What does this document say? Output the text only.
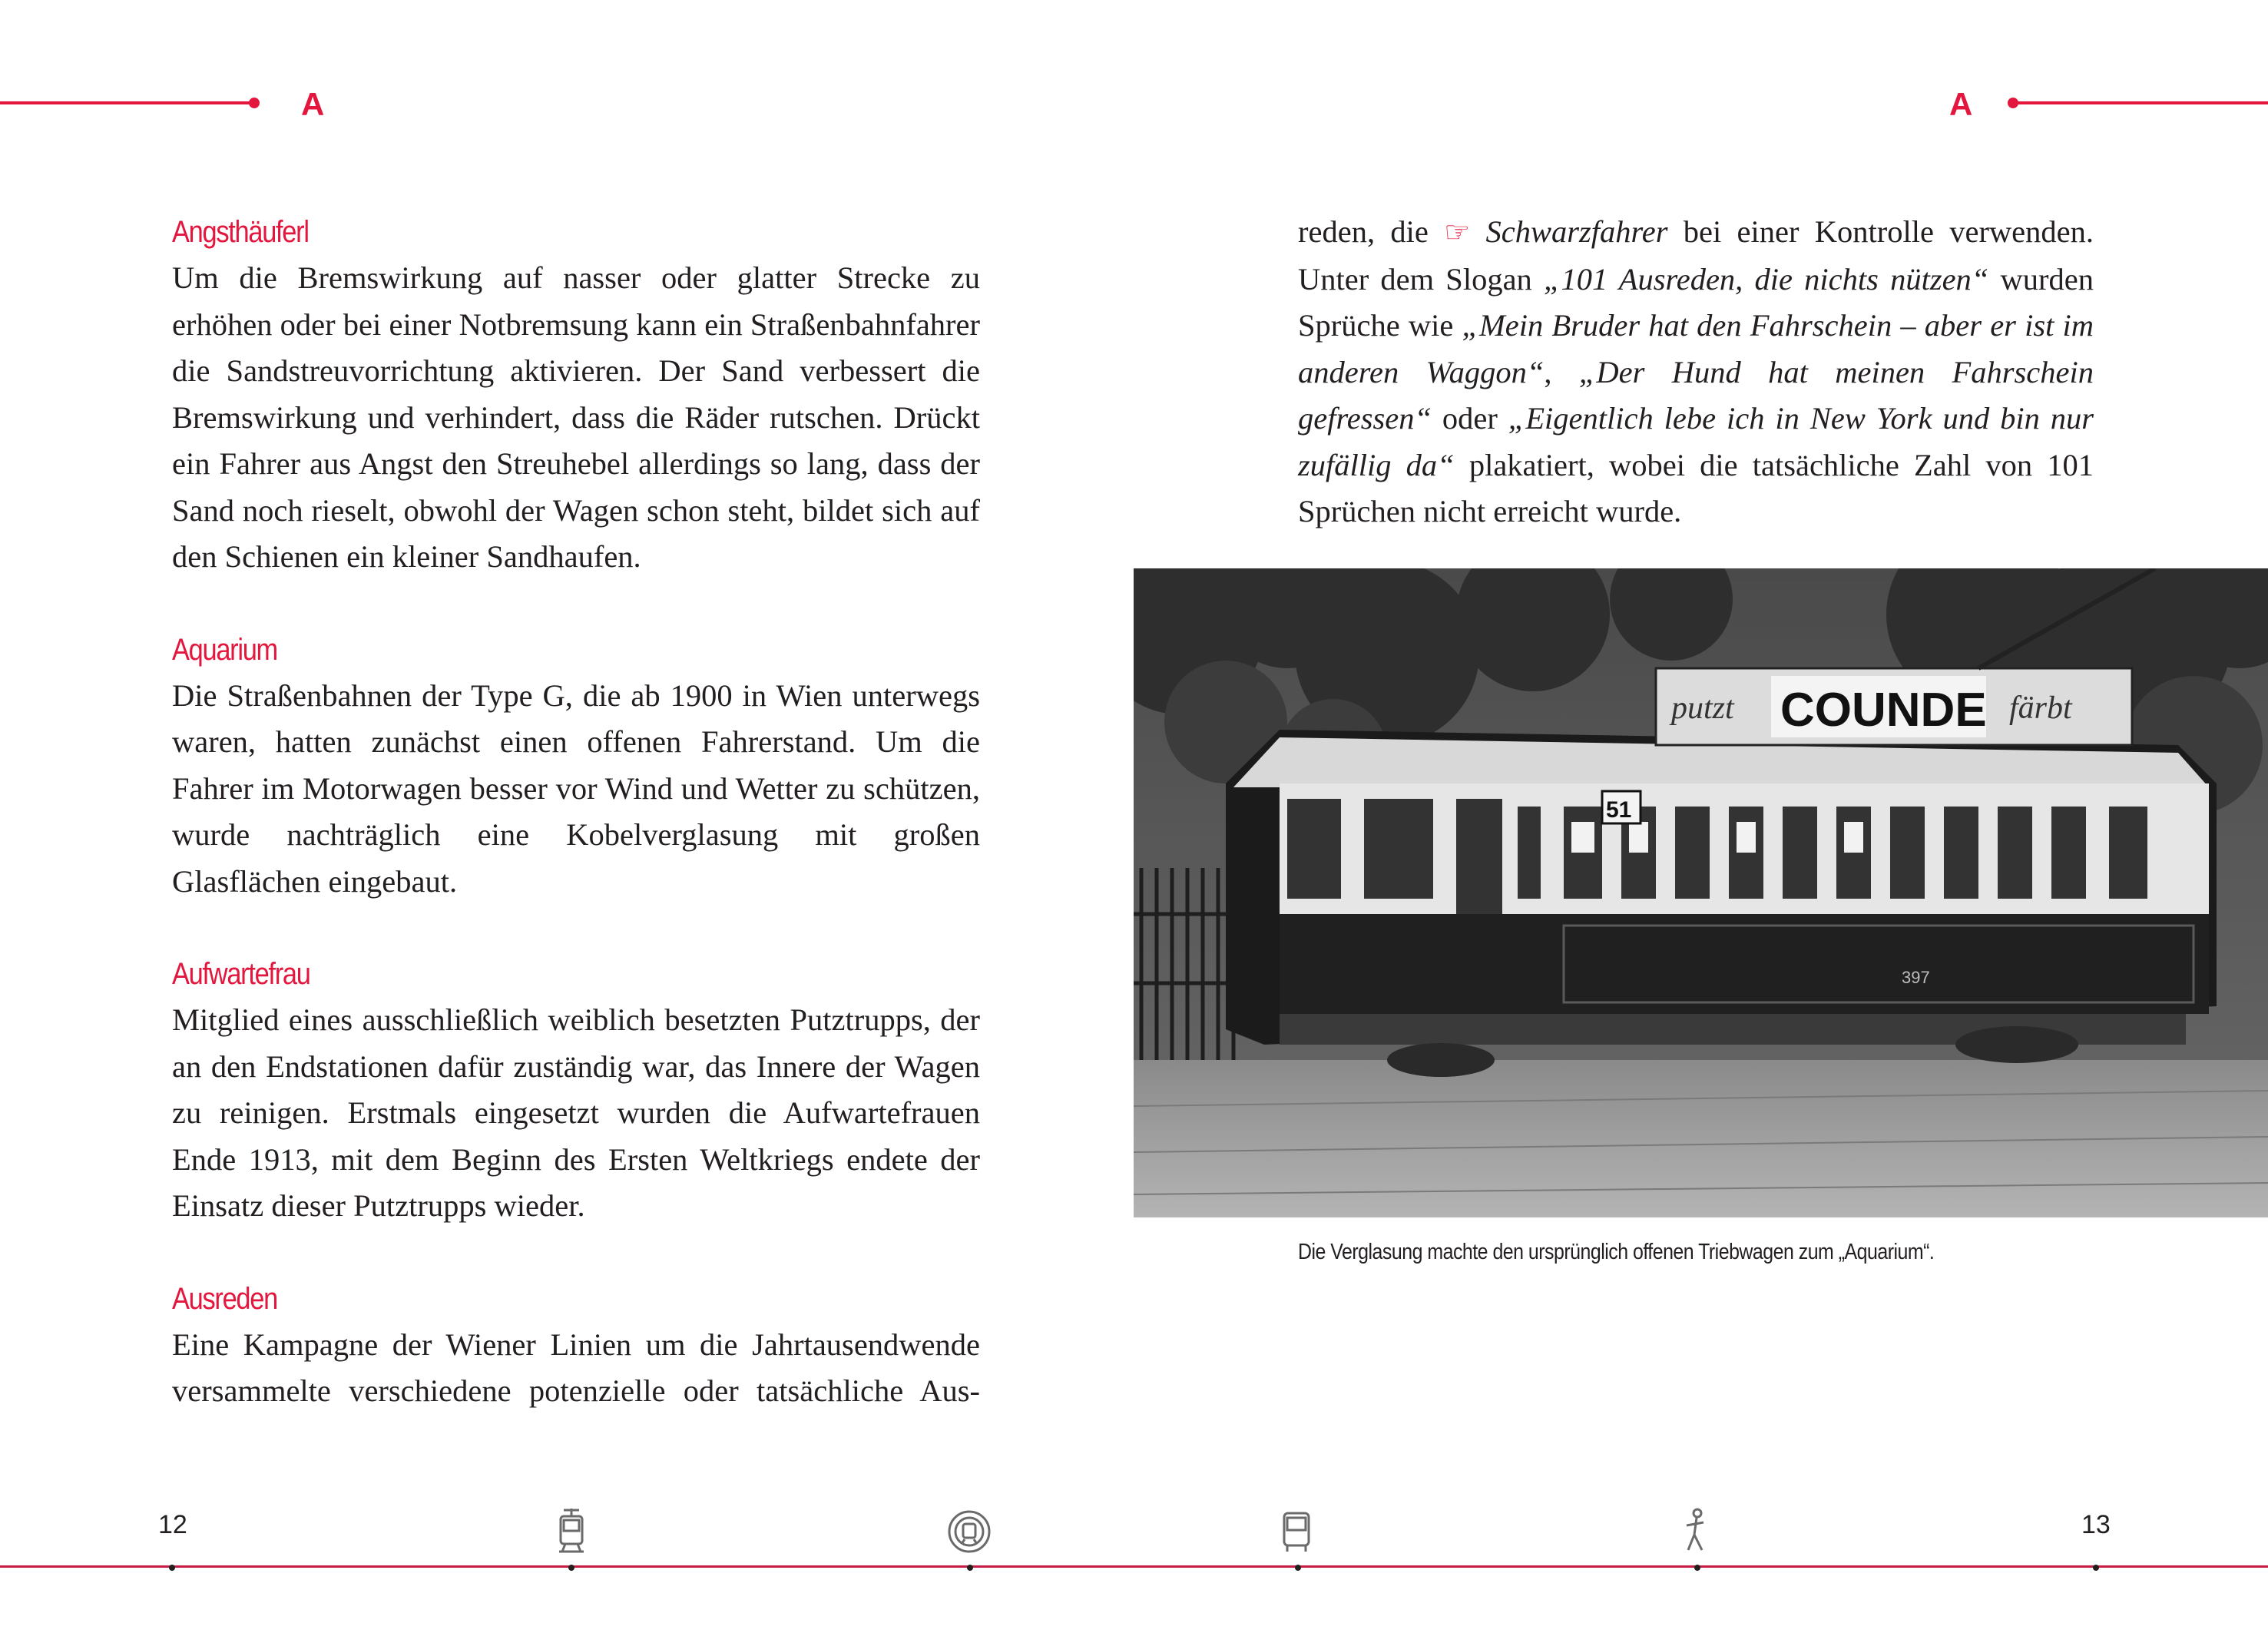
A	A
Angsthäuferl

Um die Bremswirkung auf nasser oder glatter Strecke zu erhöhen oder bei einer Notbremsung kann ein Straßenbahnfahrer die Sandstreuvorrichtung aktivieren. Der Sand verbessert die Bremswirkung und verhindert, dass die Räder rutschen. Drückt ein Fahrer aus Angst den Streuhebel allerdings so lang, dass der Sand noch rieselt, obwohl der Wagen schon steht, bildet sich auf den Schienen ein kleiner Sandhaufen.

Aquarium

Die Straßenbahnen der Type G, die ab 1900 in Wien unterwegs waren, hatten zunächst einen offenen Fahrerstand. Um die Fahrer im Motorwagen besser vor Wind und Wetter zu schützen, wurde nachträglich eine Kobelverglasung mit großen Glasflächen eingebaut.

Aufwartefrau

Mitglied eines ausschließlich weiblich besetzten Putztrupps, der an den Endstationen dafür zuständig war, das Innere der Wagen zu reinigen. Erstmals eingesetzt wurden die Aufwartefrauen Ende 1913, mit dem Beginn des Ersten Weltkriegs endete der Einsatz dieser Putztrupps wieder.

Ausreden

Eine Kampagne der Wiener Linien um die Jahrtausendwende versammelte verschiedene potenzielle oder tatsächliche Aus-

reden, die ☞ Schwarzfahrer bei einer Kontrolle verwenden. Unter dem Slogan „101 Ausreden, die nichts nützen“ wurden Sprüche wie „Mein Bruder hat den Fahrschein – aber er ist im anderen Waggon“, „Der Hund hat meinen Fahrschein gefressen“ oder „Eigentlich lebe ich in New York und bin nur zufällig da“ plakatiert, wobei die tatsächliche Zahl von 101 Sprüchen nicht erreicht wurde.

putzt COUNDE färbt
51
397
Die Verglasung machte den ursprünglich offenen Triebwagen zum „Aquarium“.
12	13
